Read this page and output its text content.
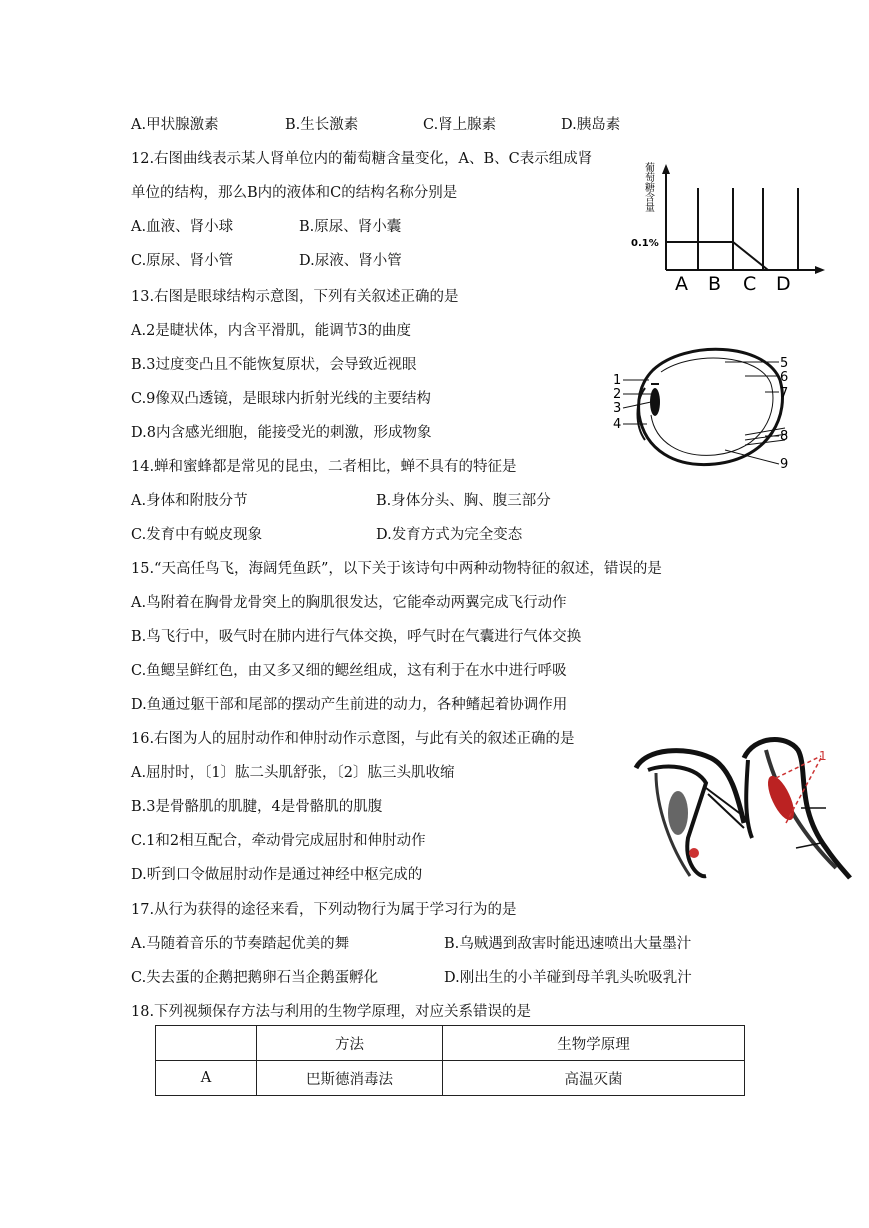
A.甲状腺激素	B.生长激素	C.肾上腺素	D.胰岛素
12.右图曲线表示某人肾单位内的葡萄糖含量变化，A、B、C表示组成肾
单位的结构，那么B内的液体和C的结构名称分别是
A.血液、肾小球	B.原尿、肾小囊
C.原尿、肾小管	D.尿液、肾小管
葡萄糖含量
0.1%
A B C D
13.右图是眼球结构示意图，下列有关叙述正确的是
A.2是睫状体，内含平滑肌，能调节3的曲度
B.3过度变凸且不能恢复原状，会导致近视眼
C.9像双凸透镜，是眼球内折射光线的主要结构
D.8内含感光细胞，能接受光的刺激，形成物象
1
2
3
4
5
6
7
8
9
14.蝉和蜜蜂都是常见的昆虫，二者相比，蝉不具有的特征是
A.身体和附肢分节	B.身体分头、胸、腹三部分
C.发育中有蜕皮现象	D.发育方式为完全变态
15.“天高任鸟飞，海阔凭鱼跃”，以下关于该诗句中两种动物特征的叙述，错误的是
A.鸟附着在胸骨龙骨突上的胸肌很发达，它能牵动两翼完成飞行动作
B.鸟飞行中，吸气时在肺内进行气体交换，呼气时在气囊进行气体交换
C.鱼鳃呈鲜红色，由又多又细的鳃丝组成，这有利于在水中进行呼吸
D.鱼通过躯干部和尾部的摆动产生前进的动力，各种鳍起着协调作用
16.右图为人的屈肘动作和伸肘动作示意图，与此有关的叙述正确的是
A.屈肘时，〔1〕肱二头肌舒张，〔2〕肱三头肌收缩
B.3是骨骼肌的肌腱，4是骨骼肌的肌腹
C.1和2相互配合，牵动骨完成屈肘和伸肘动作
D.听到口令做屈肘动作是通过神经中枢完成的
1
17.从行为获得的途径来看，下列动物行为属于学习行为的是
A.马随着音乐的节奏踏起优美的舞	B.乌贼遇到敌害时能迅速喷出大量墨汁
C.失去蛋的企鹅把鹅卵石当企鹅蛋孵化	D.刚出生的小羊碰到母羊乳头吮吸乳汁
18.下列视频保存方法与利用的生物学原理，对应关系错误的是
	方法	生物学原理
A	巴斯德消毒法	高温灭菌
